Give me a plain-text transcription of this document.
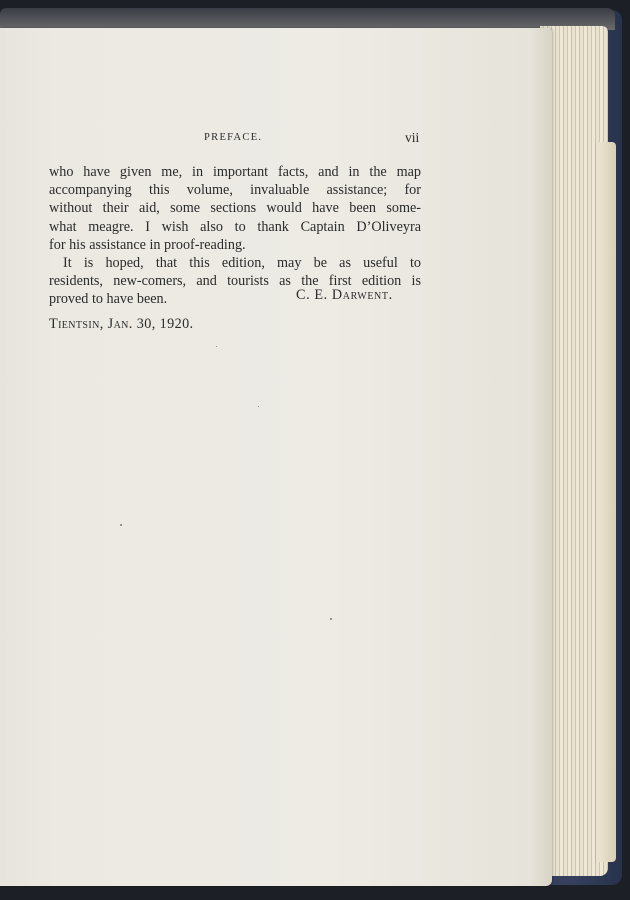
PREFACE.	vii
who have given me, in important facts, and in the map
accompanying this volume, invaluable assistance; for
without their aid, some sections would have been some-
what meagre. I wish also to thank Captain D’Oliveyra
for his assistance in proof-reading.
It is hoped, that this edition, may be as useful to
residents, new-comers, and tourists as the first edition is
proved to have been.	C. E. Darwent.
Tientsin, Jan. 30, 1920.
